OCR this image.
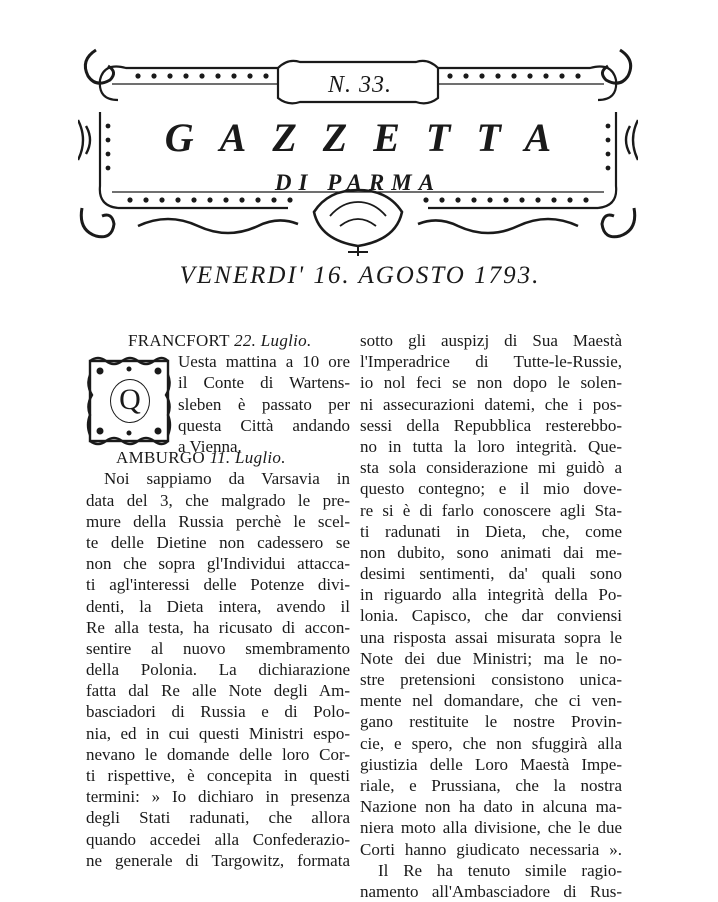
N. 33.
GAZZETTA
DI PARMA
VENERDI' 16. AGOSTO 1793.
FRANCFORT 22. Luglio.
Q
Uesta mattina a 10 ore
il Conte di Wartens-
sleben è passato per
questa Città andando
a Vienna.
AMBURGO 11. Luglio.
Noi sappiamo da Varsavia in
data del 3, che malgrado le pre-
mure della Russia perchè le scel-
te delle Dietine non cadessero se
non che sopra gl'Individui attacca-
ti agl'interessi delle Potenze divi-
denti, la Dieta intera, avendo il
Re alla testa, ha ricusato di accon-
sentire al nuovo smembramento
della Polonia. La dichiarazione
fatta dal Re alle Note degli Am-
basciadori di Russia e di Polo-
nia, ed in cui questi Ministri espo-
nevano le domande delle loro Cor-
ti rispettive, è concepita in questi
termini: » Io dichiaro in presenza
degli Stati radunati, che allora
quando accedei alla Confederazio-
ne generale di Targowitz, formata
sotto gli auspizj di Sua Maestà
l'Imperadrice di Tutte-le-Russie,
io nol feci se non dopo le solen-
ni assecurazioni datemi, che i pos-
sessi della Repubblica resterebbo-
no in tutta la loro integrità. Que-
sta sola considerazione mi guidò a
questo contegno; e il mio dove-
re si è di farlo conoscere agli Sta-
ti radunati in Dieta, che, come
non dubito, sono animati dai me-
desimi sentimenti, da' quali sono
in riguardo alla integrità della Po-
lonia. Capisco, che dar conviensi
una risposta assai misurata sopra le
Note dei due Ministri; ma le no-
stre pretensioni consistono unica-
mente nel domandare, che ci ven-
gano restituite le nostre Provin-
cie, e spero, che non sfuggirà alla
giustizia delle Loro Maestà Impe-
riale, e Prussiana, che la nostra
Nazione non ha dato in alcuna ma-
niera moto alla divisione, che le due
Corti hanno giudicato necessaria ».
Il Re ha tenuto simile ragio-
namento all'Ambasciadore di Rus-
